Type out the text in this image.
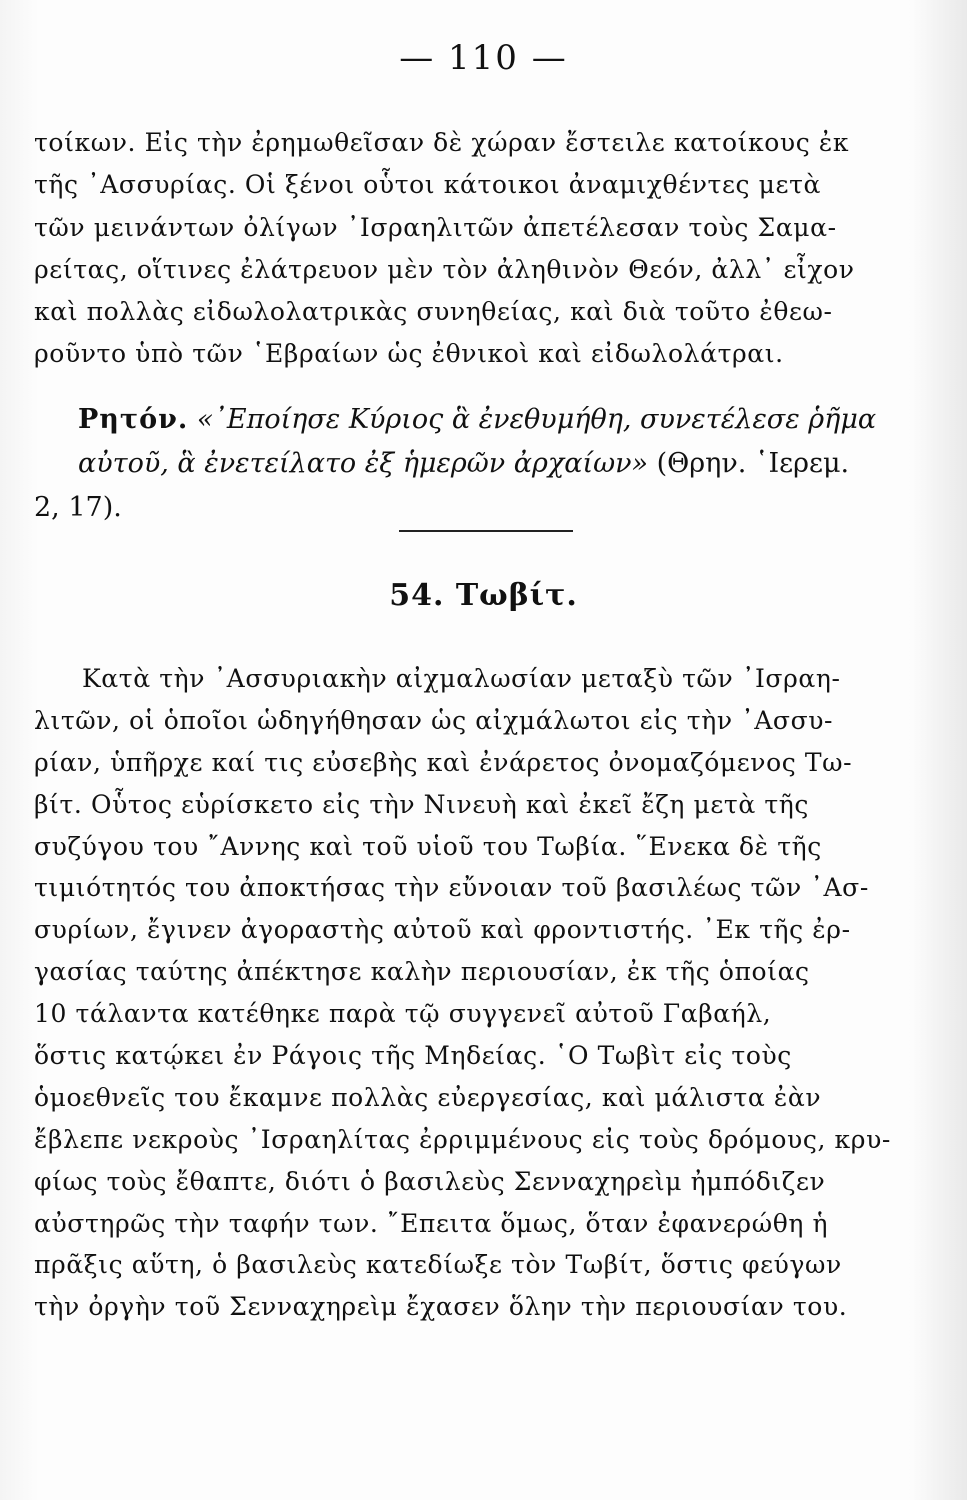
— 110 —
τοίκων. Εἰς τὴν ἐρημωθεῖσαν δὲ χώραν ἔστειλε κατοίκους ἐκ
τῆς ᾿Ασσυρίας. Οἱ ξένοι οὗτοι κάτοικοι ἀναμιχθέντες μετὰ
τῶν μεινάντων ὀλίγων ᾿Ισραηλιτῶν ἀπετέλεσαν τοὺς Σαμα-
ρείτας, οἵτινες ἐλάτρευον μὲν τὸν ἀληθινὸν Θεόν, ἀλλ᾿ εἶχον
καὶ πολλὰς εἰδωλολατρικὰς συνηθείας, καὶ διὰ τοῦτο ἐθεω-
ροῦντο ὑπὸ τῶν ῾Εβραίων ὡς ἐθνικοὶ καὶ εἰδωλολάτραι.
Ρητόν. «᾿Εποίησε Κύριος ἃ ἐνεθυμήθη, συνετέλεσε ῥῆμα αὐτοῦ, ἃ ἐνετείλατο ἐξ ἡμερῶν ἀρχαίων» (Θρην. ῾Ιερεμ.
2, 17).
54. Τωβίτ.
Κατὰ τὴν ᾿Ασσυριακὴν αἰχμαλωσίαν μεταξὺ τῶν ᾿Ισραη-
λιτῶν, οἱ ὁποῖοι ὡδηγήθησαν ὡς αἰχμάλωτοι εἰς τὴν ᾿Ασσυ-
ρίαν, ὑπῆρχε καί τις εὐσεβὴς καὶ ἐνάρετος ὀνομαζόμενος Τω-
βίτ. Οὗτος εὑρίσκετο εἰς τὴν Νινευὴ καὶ ἐκεῖ ἔζη μετὰ τῆς
συζύγου του ῎Αννης καὶ τοῦ υἱοῦ του Τωβία. ῞Ενεκα δὲ τῆς
τιμιότητός του ἀποκτήσας τὴν εὔνοιαν τοῦ βασιλέως τῶν ᾿Ασ-
συρίων, ἔγινεν ἀγοραστὴς αὐτοῦ καὶ φροντιστής. ᾿Εκ τῆς ἐρ-
γασίας ταύτης ἀπέκτησε καλὴν περιουσίαν, ἐκ τῆς ὁποίας
10 τάλαντα κατέθηκε παρὰ τῷ συγγενεῖ αὐτοῦ Γαβαήλ,
ὅστις κατῴκει ἐν Ράγοις τῆς Μηδείας. ῾Ο Τωβὶτ εἰς τοὺς
ὁμοεθνεῖς του ἔκαμνε πολλὰς εὐεργεσίας, καὶ μάλιστα ἐὰν
ἔβλεπε νεκροὺς ᾿Ισραηλίτας ἐρριμμένους εἰς τοὺς δρόμους, κρυ-
φίως τοὺς ἔθαπτε, διότι ὁ βασιλεὺς Σενναχηρεὶμ ἠμπόδιζεν
αὐστηρῶς τὴν ταφήν των. ῎Επειτα ὅμως, ὅταν ἐφανερώθη ἡ
πρᾶξις αὕτη, ὁ βασιλεὺς κατεδίωξε τὸν Τωβίτ, ὅστις φεύγων
τὴν ὀργὴν τοῦ Σενναχηρεὶμ ἔχασεν ὅλην τὴν περιουσίαν του.
